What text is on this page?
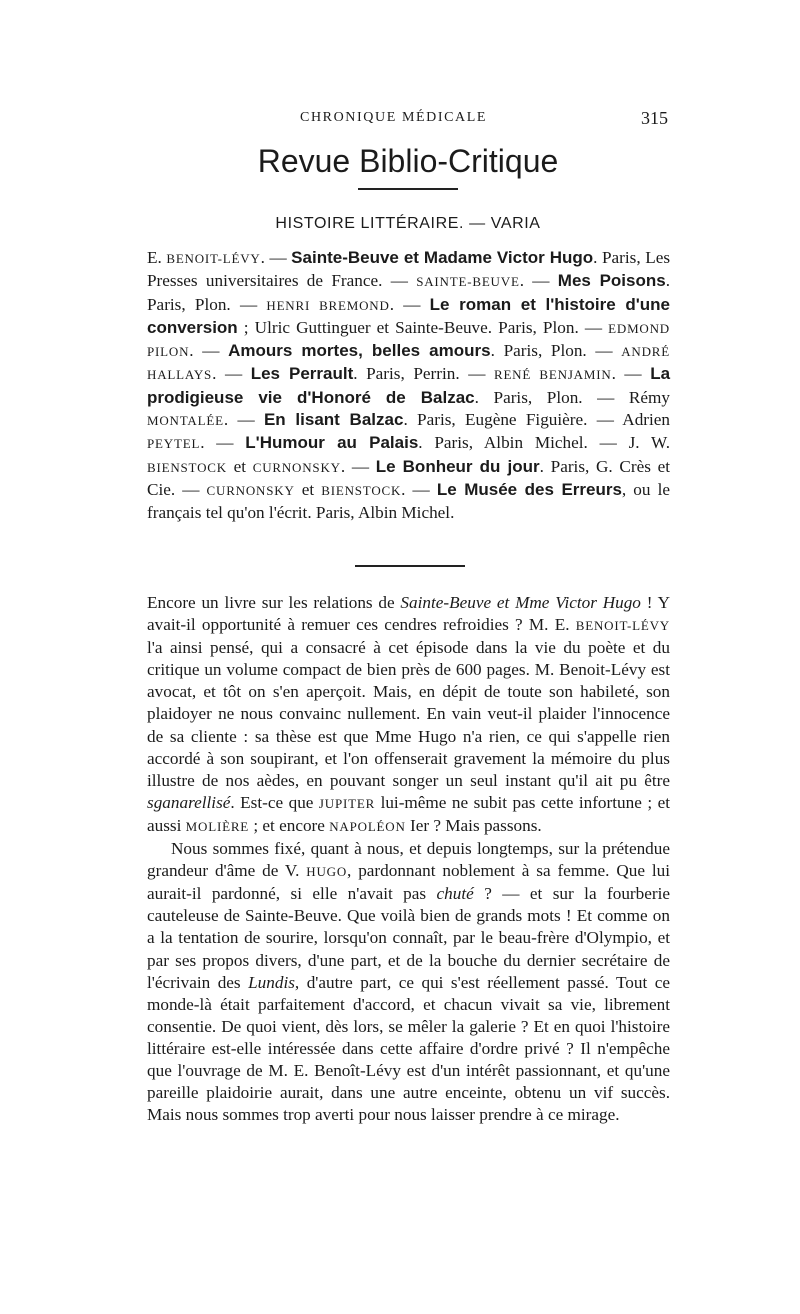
CHRONIQUE MÉDICALE	315
Revue Biblio-Critique
HISTOIRE LITTÉRAIRE. — VARIA
E. BENOIT-LÉVY. — Sainte-Beuve et Madame Victor Hugo. Paris, Les Presses universitaires de France. — SAINTE-BEUVE. — Mes Poisons. Paris, Plon. — HENRI BREMOND. — Le roman et l'histoire d'une conversion ; Ulric Guttinguer et Sainte-Beuve. Paris, Plon. — EDMOND PILON. — Amours mortes, belles amours. Paris, Plon. — ANDRÉ HALLAYS. — Les Perrault. Paris, Perrin. — RENÉ BENJAMIN. — La prodigieuse vie d'Honoré de Balzac. Paris, Plon. — Rémy MONTALÉE. — En lisant Balzac. Paris, Eugène Figuière. — Adrien PEYTEL. — L'Humour au Palais. Paris, Albin Michel. — J. W. BIENSTOCK et CURNONSKY. — Le Bonheur du jour. Paris, G. Crès et Cie. — CURNONSKY et BIENSTOCK. — Le Musée des Erreurs, ou le français tel qu'on l'écrit. Paris, Albin Michel.

Encore un livre sur les relations de Sainte-Beuve et Mme Victor Hugo ! Y avait-il opportunité à remuer ces cendres refroidies ? M. E. BENOIT-LÉVY l'a ainsi pensé, qui a consacré à cet épisode dans la vie du poète et du critique un volume compact de bien près de 600 pages. M. Benoit-Lévy est avocat, et tôt on s'en aperçoit. Mais, en dépit de toute son habileté, son plaidoyer ne nous convainc nullement. En vain veut-il plaider l'innocence de sa cliente : sa thèse est que Mme Hugo n'a rien, ce qui s'appelle rien accordé à son soupirant, et l'on offenserait gravement la mémoire du plus illustre de nos aèdes, en pouvant songer un seul instant qu'il ait pu être sganarellisé. Est-ce que JUPITER lui-même ne subit pas cette infortune ; et aussi MOLIÈRE ; et encore NAPOLÉON Ier ? Mais passons.

Nous sommes fixé, quant à nous, et depuis longtemps, sur la prétendue grandeur d'âme de V. HUGO, pardonnant noblement à sa femme. Que lui aurait-il pardonné, si elle n'avait pas chuté ? — et sur la fourberie cauteleuse de Sainte-Beuve. Que voilà bien de grands mots ! Et comme on a la tentation de sourire, lorsqu'on connaît, par le beau-frère d'Olympio, et par ses propos divers, d'une part, et de la bouche du dernier secrétaire de l'écrivain des Lundis, d'autre part, ce qui s'est réellement passé. Tout ce monde-là était parfaitement d'accord, et chacun vivait sa vie, librement consentie. De quoi vient, dès lors, se mêler la galerie ? Et en quoi l'histoire littéraire est-elle intéressée dans cette affaire d'ordre privé ? Il n'empêche que l'ouvrage de M. E. Benoît-Lévy est d'un intérêt passionnant, et qu'une pareille plaidoirie aurait, dans une autre enceinte, obtenu un vif succès. Mais nous sommes trop averti pour nous laisser prendre à ce mirage.
